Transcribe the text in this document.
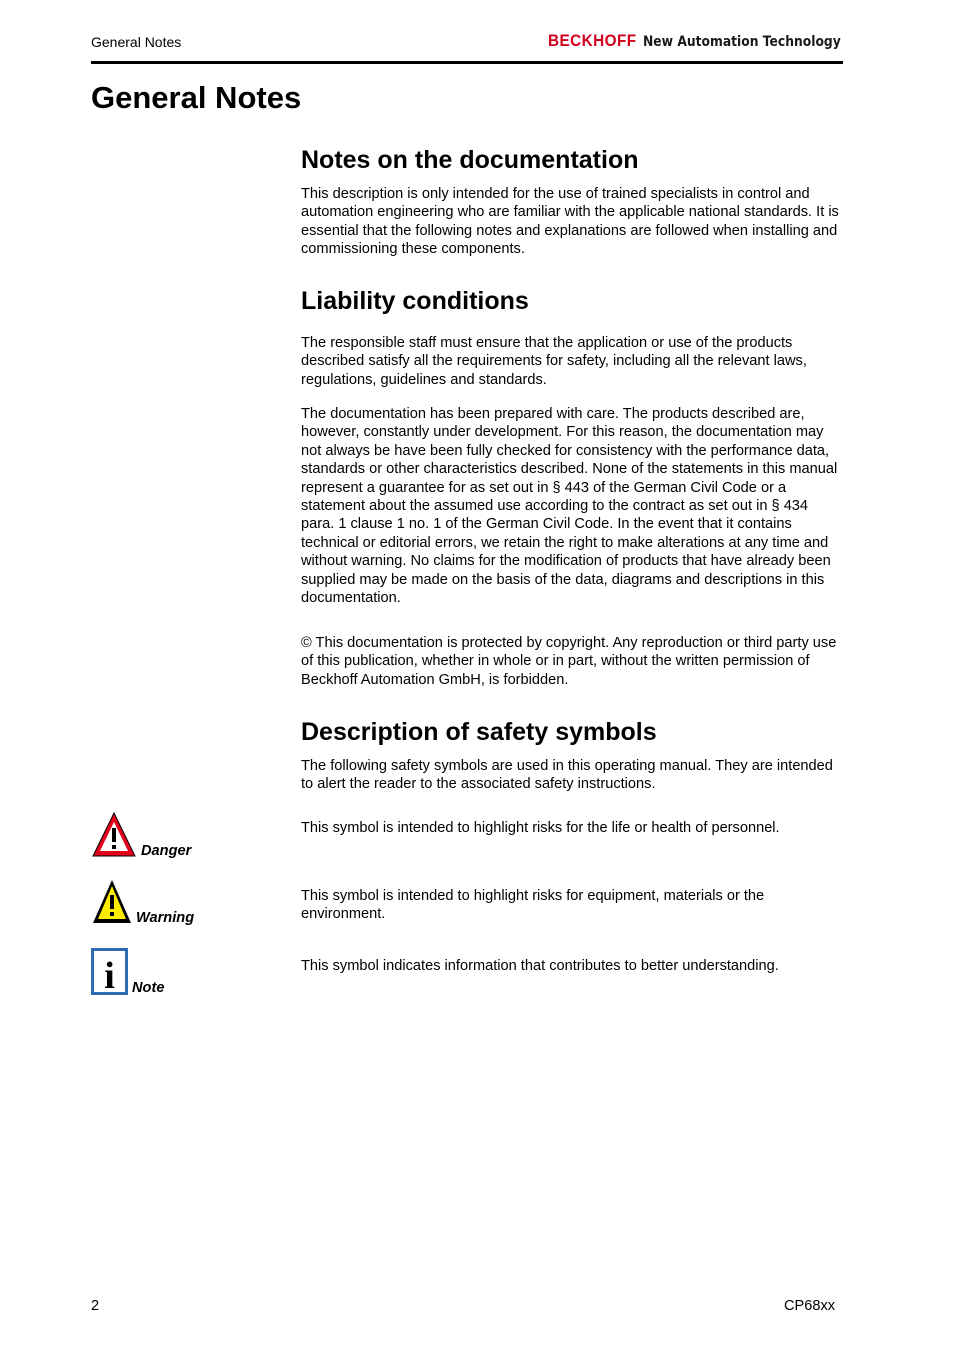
General Notes	BECKHOFF New Automation Technology
General Notes
Notes on the documentation

This description is only intended for the use of trained specialists in control and automation engineering who are familiar with the applicable national standards. It is essential that the following notes and explanations are followed when installing and commissioning these components.

Liability conditions

The responsible staff must ensure that the application or use of the products described satisfy all the requirements for safety, including all the relevant laws, regulations, guidelines and standards.

The documentation has been prepared with care. The products described are, however, constantly under development. For this reason, the documentation may not always be have been fully checked for consistency with the performance data, standards or other characteristics described. None of the statements in this manual represent a guarantee for as set out in § 443 of the German Civil Code or a statement about the assumed use according to the contract as set out in § 434 para. 1 clause 1 no. 1 of the German Civil Code. In the event that it contains technical or editorial errors, we retain the right to make alterations at any time and without warning. No claims for the modification of products that have already been supplied may be made on the basis of the data, diagrams and descriptions in this documentation.

© This documentation is protected by copyright. Any reproduction or third party use of this publication, whether in whole or in part, without the written permission of Beckhoff Automation GmbH, is forbidden.

Description of safety symbols

The following safety symbols are used in this operating manual. They are intended to alert the reader to the associated safety instructions.

Danger

This symbol is intended to highlight risks for the life or health of personnel.

Warning

This symbol is intended to highlight risks for equipment, materials or the environment.

i Note

This symbol indicates information that contributes to better understanding.

2	CP68xx
